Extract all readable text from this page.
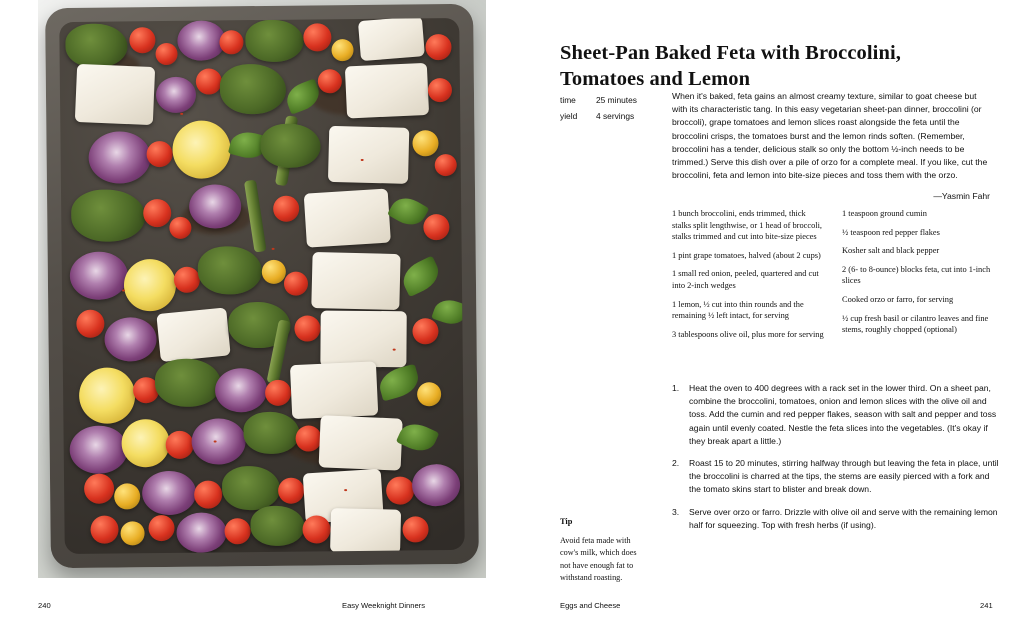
240	Easy Weeknight Dinners
Sheet-Pan Baked Feta with Broccolini, Tomatoes and Lemon
time	25 minutes
yield	4 servings
When it's baked, feta gains an almost creamy texture, similar to goat cheese but with its characteristic tang. In this easy vegetarian sheet-pan dinner, broccolini (or broccoli), grape tomatoes and lemon slices roast alongside the feta until the broccolini crisps, the tomatoes burst and the lemon rinds soften. (Remember, broccolini has a tender, delicious stalk so only the bottom ½-inch needs to be trimmed.) Serve this dish over a pile of orzo for a complete meal. If you like, cut the broccolini, feta and lemon into bite-size pieces and toss them with the orzo.
—Yasmin Fahr
1 bunch broccolini, ends trimmed, thick stalks split lengthwise, or 1 head of broccoli, stalks trimmed and cut into bite-size pieces
1 pint grape tomatoes, halved (about 2 cups)
1 small red onion, peeled, quartered and cut into 2-inch wedges
1 lemon, ½ cut into thin rounds and the remaining ½ left intact, for serving
3 tablespoons olive oil, plus more for serving
1 teaspoon ground cumin
½ teaspoon red pepper flakes
Kosher salt and black pepper
2 (6- to 8-ounce) blocks feta, cut into 1-inch slices
Cooked orzo or farro, for serving
½ cup fresh basil or cilantro leaves and fine stems, roughly chopped (optional)
1.	Heat the oven to 400 degrees with a rack set in the lower third. On a sheet pan, combine the broccolini, tomatoes, onion and lemon slices with the olive oil and toss. Add the cumin and red pepper flakes, season with salt and pepper and toss again until evenly coated. Nestle the feta slices into the vegetables. (It's okay if they break apart a little.)
2.	Roast 15 to 20 minutes, stirring halfway through but leaving the feta in place, until the broccolini is charred at the tips, the stems are easily pierced with a fork and the tomato skins start to blister and break down.
3.	Serve over orzo or farro. Drizzle with olive oil and serve with the remaining lemon half for squeezing. Top with fresh herbs (if using).
Tip
Avoid feta made with cow's milk, which does not have enough fat to withstand roasting.
Eggs and Cheese	241
